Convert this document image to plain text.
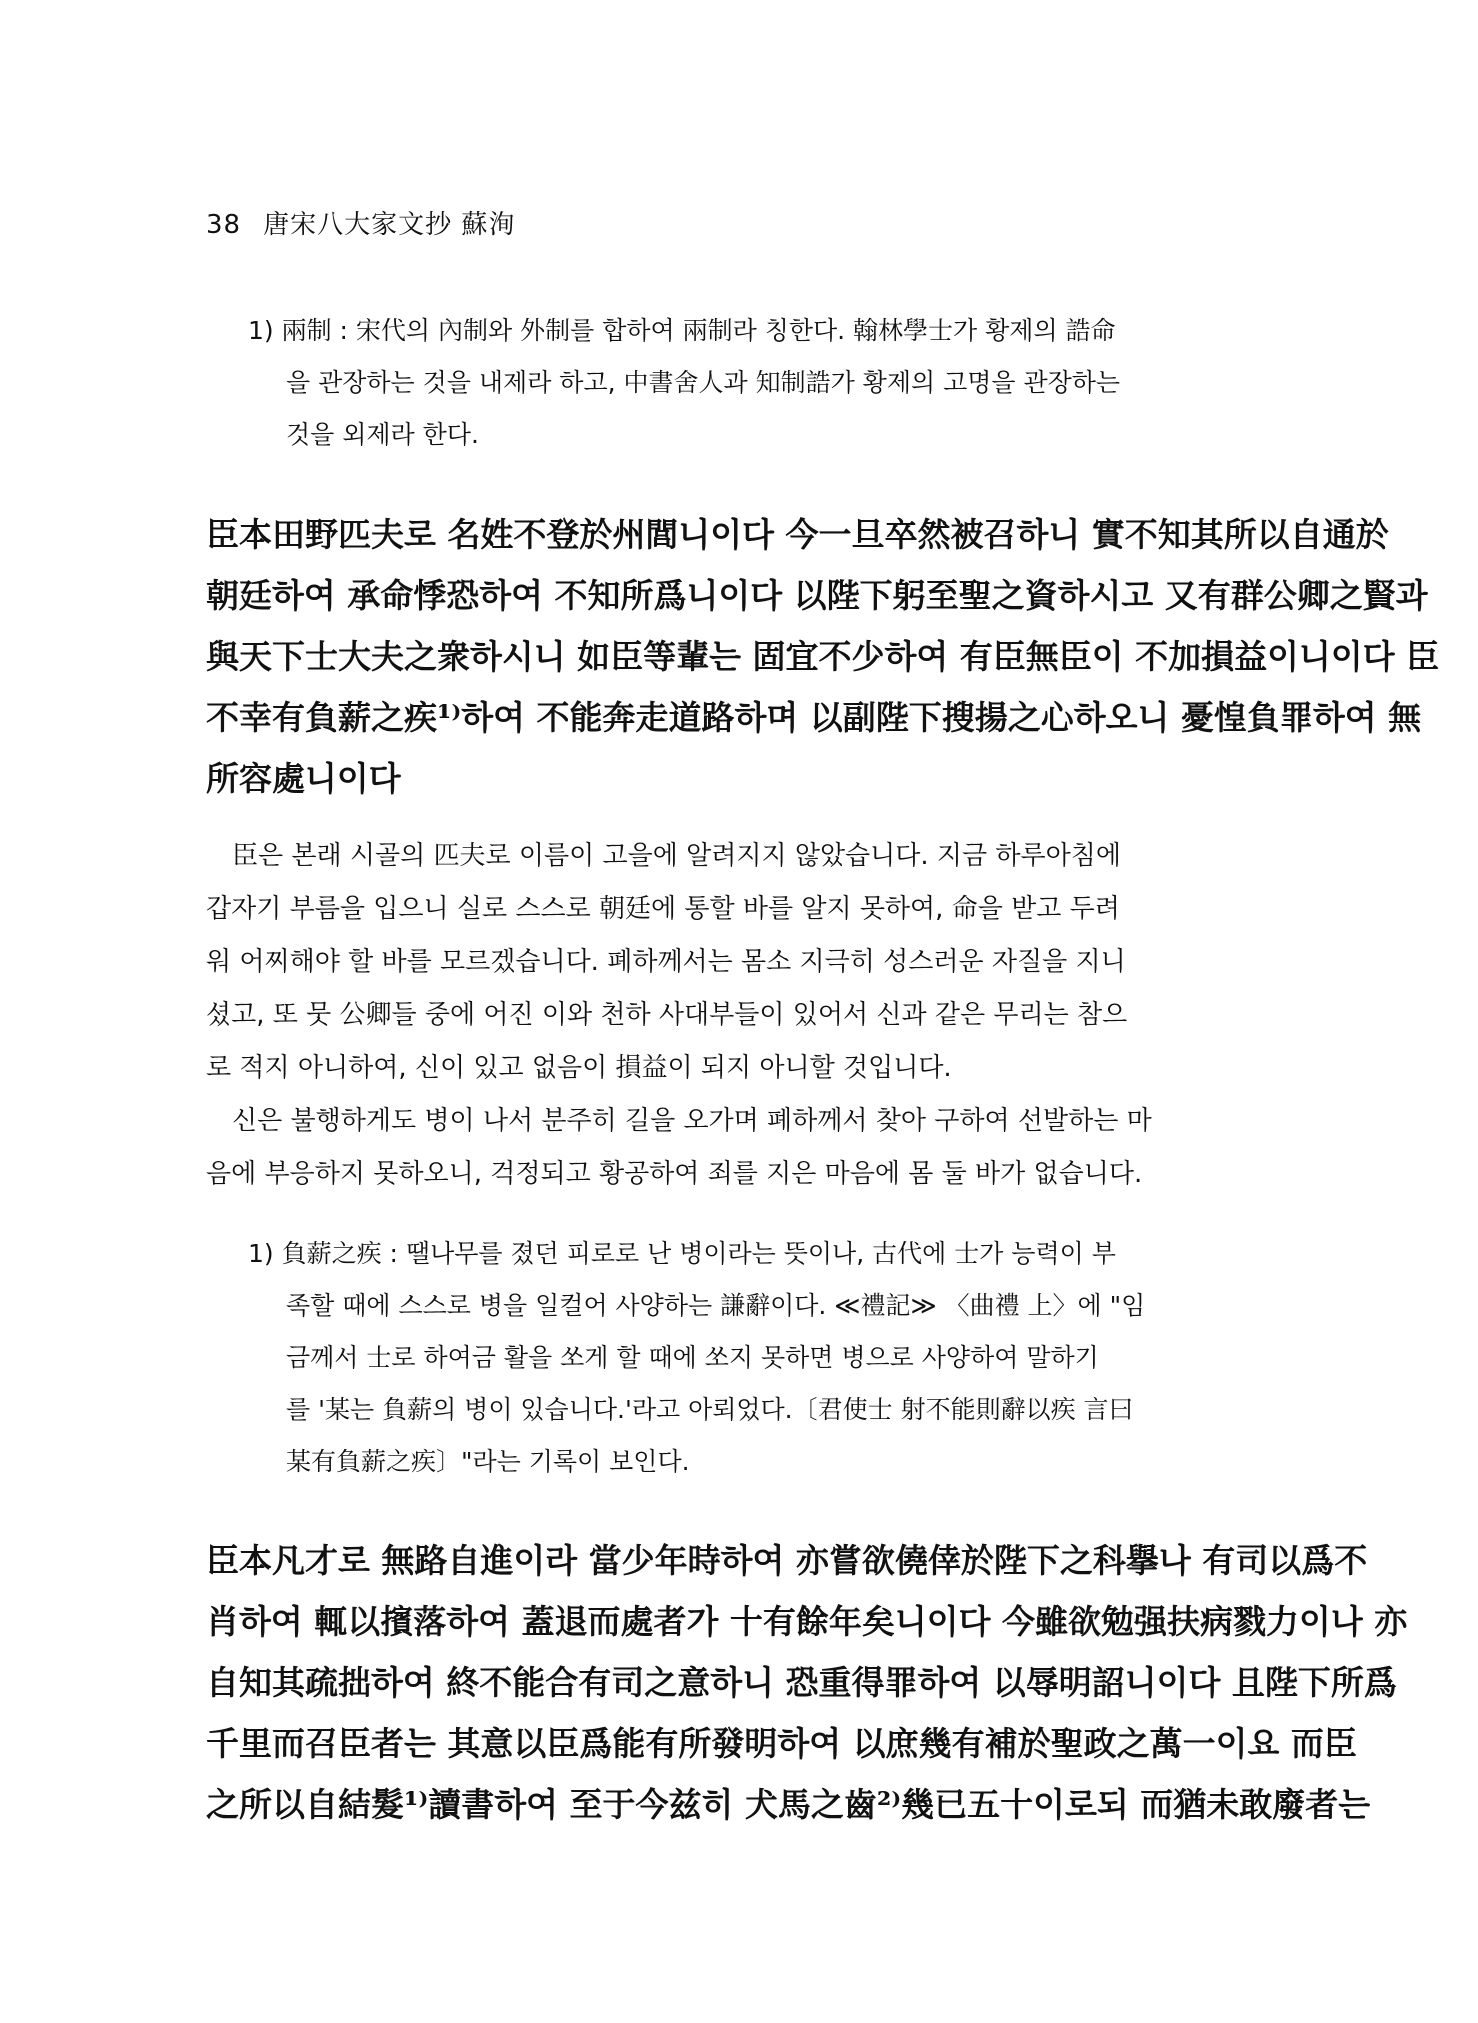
38 唐宋八大家文抄 蘇洵
1) 兩制 : 宋代의 內制와 外制를 합하여 兩制라 칭한다. 翰林學士가 황제의 誥命
을 관장하는 것을 내제라 하고, 中書舍人과 知制誥가 황제의 고명을 관장하는
것을 외제라 한다.
臣本田野匹夫로 名姓不登於州閭니이다 今一旦卒然被召하니 實不知其所以自通於
朝廷하여 承命悸恐하여 不知所爲니이다 以陛下躬至聖之資하시고 又有群公卿之賢과
與天下士大夫之衆하시니 如臣等輩는 固宜不少하여 有臣無臣이 不加損益이니이다 臣
不幸有負薪之疾¹⁾하여 不能奔走道路하며 以副陛下搜揚之心하오니 憂惶負罪하여 無
所容處니이다
臣은 본래 시골의 匹夫로 이름이 고을에 알려지지 않았습니다. 지금 하루아침에
갑자기 부름을 입으니 실로 스스로 朝廷에 통할 바를 알지 못하여, 命을 받고 두려
워 어찌해야 할 바를 모르겠습니다. 폐하께서는 몸소 지극히 성스러운 자질을 지니
셨고, 또 뭇 公卿들 중에 어진 이와 천하 사대부들이 있어서 신과 같은 무리는 참으
로 적지 아니하여, 신이 있고 없음이 損益이 되지 아니할 것입니다.
신은 불행하게도 병이 나서 분주히 길을 오가며 폐하께서 찾아 구하여 선발하는 마
음에 부응하지 못하오니, 걱정되고 황공하여 죄를 지은 마음에 몸 둘 바가 없습니다.
1) 負薪之疾 : 땔나무를 졌던 피로로 난 병이라는 뜻이나, 古代에 士가 능력이 부
족할 때에 스스로 병을 일컬어 사양하는 謙辭이다. ≪禮記≫ 〈曲禮 上〉에 "임
금께서 士로 하여금 활을 쏘게 할 때에 쏘지 못하면 병으로 사양하여 말하기
를 '某는 負薪의 병이 있습니다.'라고 아뢰었다.〔君使士 射不能則辭以疾 言曰
某有負薪之疾〕"라는 기록이 보인다.
臣本凡才로 無路自進이라 當少年時하여 亦嘗欲僥倖於陛下之科擧나 有司以爲不
肖하여 輒以擯落하여 蓋退而處者가 十有餘年矣니이다 今雖欲勉强扶病戮力이나 亦
自知其疏拙하여 終不能合有司之意하니 恐重得罪하여 以辱明詔니이다 且陛下所爲
千里而召臣者는 其意以臣爲能有所發明하여 以庶幾有補於聖政之萬一이요 而臣
之所以自結髮¹⁾讀書하여 至于今兹히 犬馬之齒²⁾幾已五十이로되 而猶未敢廢者는
